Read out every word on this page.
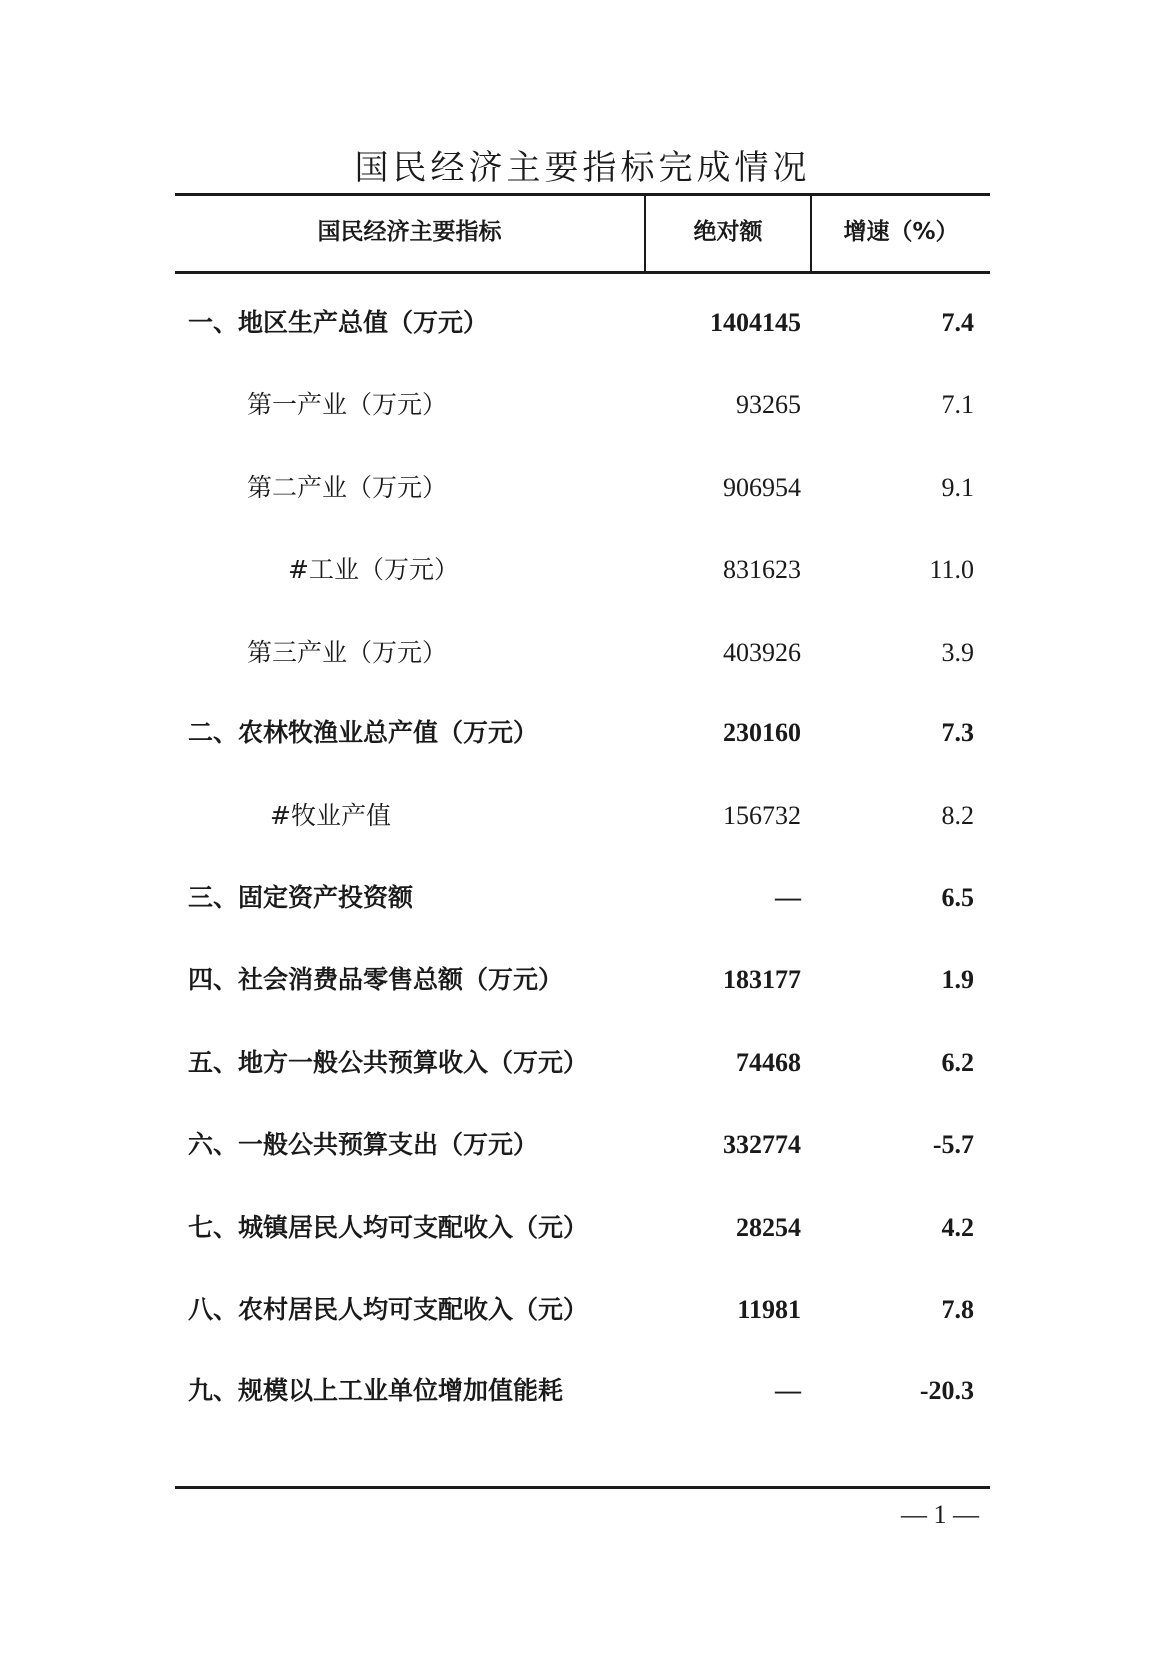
国民经济主要指标完成情况
国民经济主要指标	绝对额	增速（%）
一、地区生产总值（万元）	1404145	7.4
第一产业（万元）	93265	7.1
第二产业（万元）	906954	9.1
#工业（万元）	831623	11.0
第三产业（万元）	403926	3.9
二、农林牧渔业总产值（万元）	230160	7.3
#牧业产值	156732	8.2
三、固定资产投资额	—	6.5
四、社会消费品零售总额（万元）	183177	1.9
五、地方一般公共预算收入（万元）	74468	6.2
六、一般公共预算支出（万元）	332774	-5.7
七、城镇居民人均可支配收入（元）	28254	4.2
八、农村居民人均可支配收入（元）	11981	7.8
九、规模以上工业单位增加值能耗	—	-20.3
— 1 —
